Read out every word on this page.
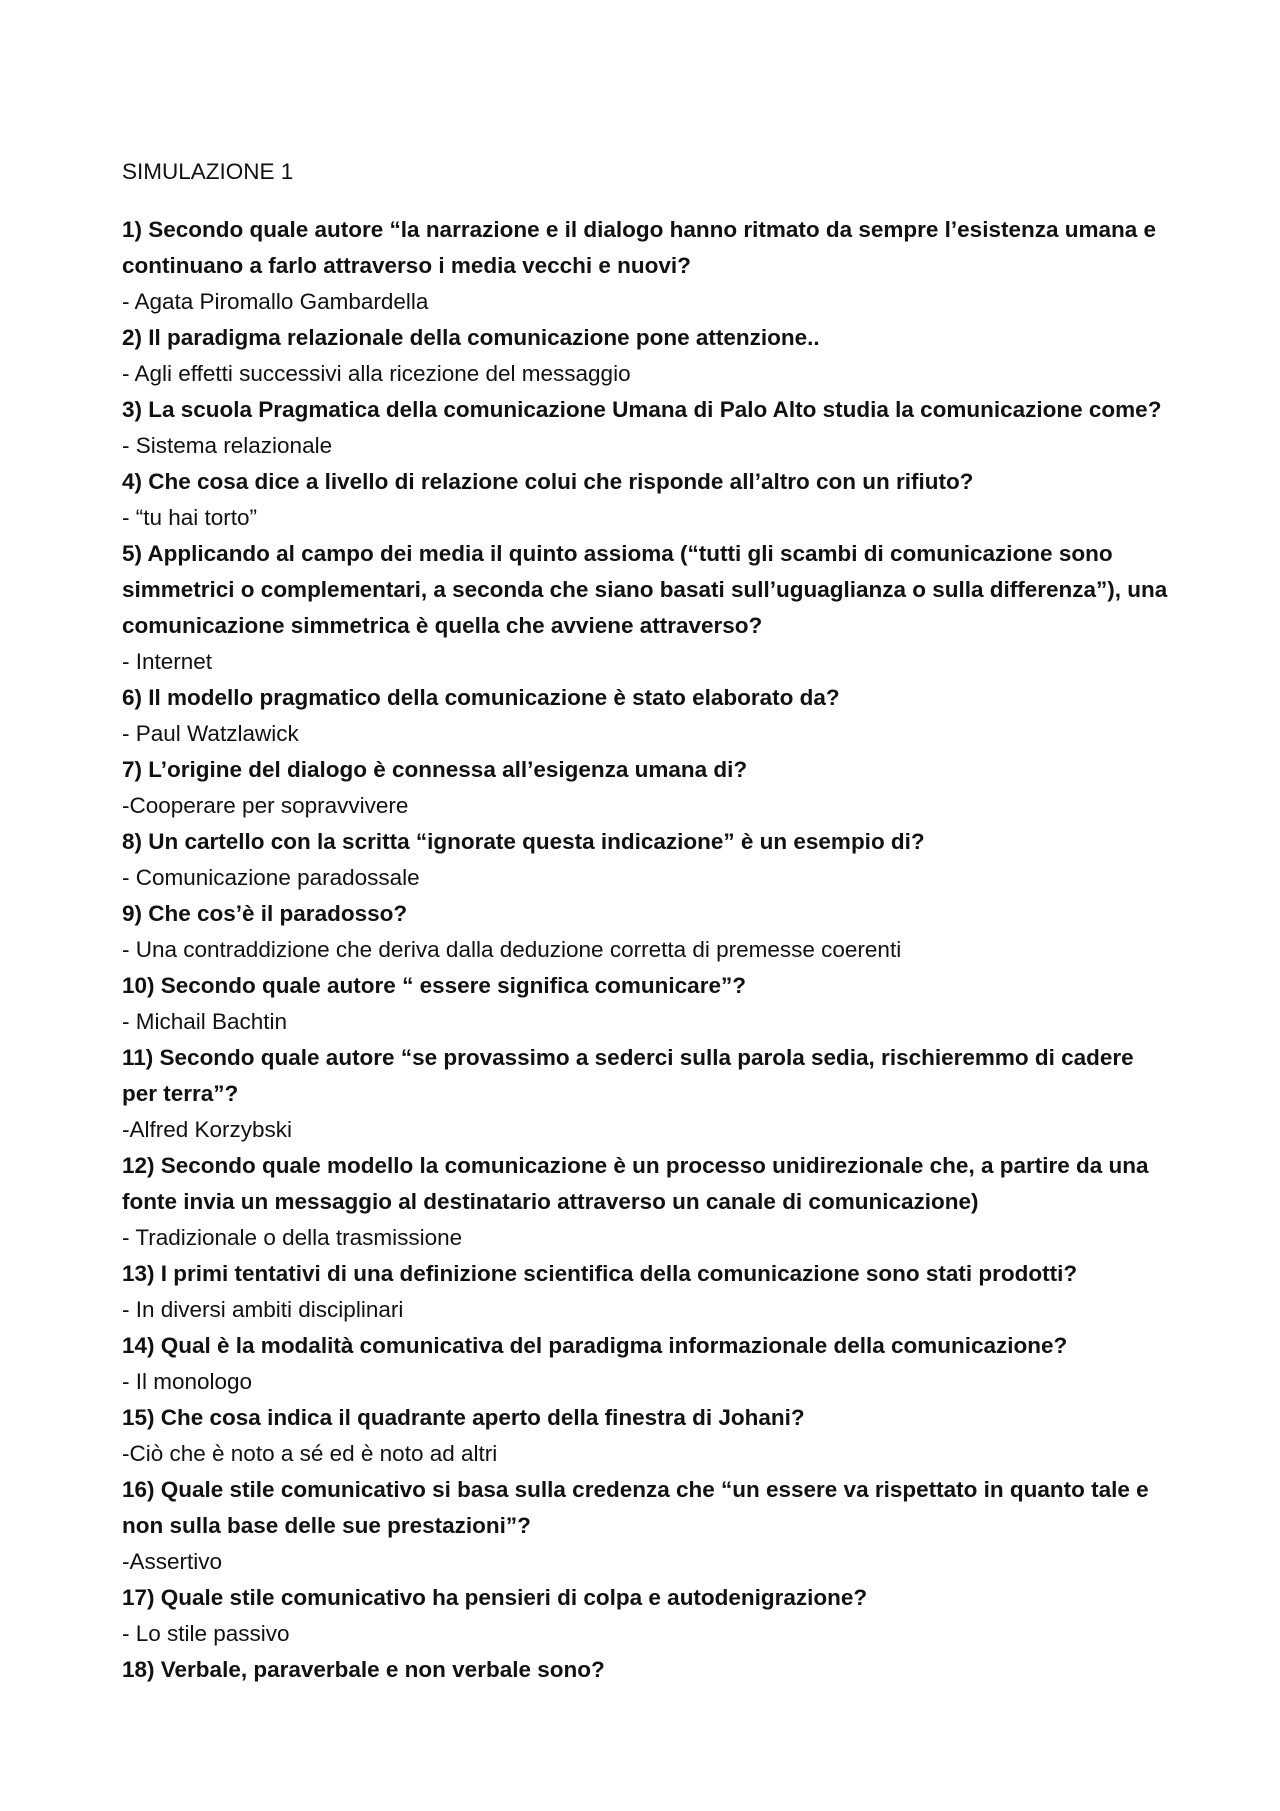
SIMULAZIONE 1

1) Secondo quale autore “la narrazione e il dialogo hanno ritmato da sempre l’esistenza umana e continuano a farlo attraverso i media vecchi e nuovi?

- Agata Piromallo Gambardella

2) Il paradigma relazionale della comunicazione pone attenzione..

- Agli effetti successivi alla ricezione del messaggio

3) La scuola Pragmatica della comunicazione Umana di Palo Alto studia la comunicazione come?

- Sistema relazionale

4) Che cosa dice a livello di relazione colui che risponde all’altro con un rifiuto?

- “tu hai torto”

5) Applicando al campo dei media il quinto assioma (“tutti gli scambi di comunicazione sono simmetrici o complementari, a seconda che siano basati sull’uguaglianza o sulla differenza”), una comunicazione simmetrica è quella che avviene attraverso?

- Internet

6) Il modello pragmatico della comunicazione è stato elaborato da?

- Paul Watzlawick

7) L’origine del dialogo è connessa all’esigenza umana di?

-Cooperare per sopravvivere

8) Un cartello con la scritta “ignorate questa indicazione” è un esempio di?

- Comunicazione paradossale

9) Che cos’è il paradosso?

- Una contraddizione che deriva dalla deduzione corretta di premesse coerenti

10) Secondo quale autore “ essere significa comunicare”?

- Michail Bachtin

11) Secondo quale autore “se provassimo a sederci sulla parola sedia, rischieremmo di cadere per terra”?

-Alfred Korzybski

12) Secondo quale modello la comunicazione è un processo unidirezionale che, a partire da una fonte invia un messaggio al destinatario attraverso un canale di comunicazione)

- Tradizionale o della trasmissione

13) I primi tentativi di una definizione scientifica della comunicazione sono stati prodotti?

- In diversi ambiti disciplinari

14) Qual è la modalità comunicativa del paradigma informazionale della comunicazione?

- Il monologo

15) Che cosa indica il quadrante aperto della finestra di Johani?

-Ciò che è noto a sé ed è noto ad altri

16) Quale stile comunicativo si basa sulla credenza che “un essere va rispettato in quanto tale e non sulla base delle sue prestazioni”?

-Assertivo

17) Quale stile comunicativo ha pensieri di colpa e autodenigrazione?

- Lo stile passivo

18) Verbale, paraverbale e non verbale sono?
